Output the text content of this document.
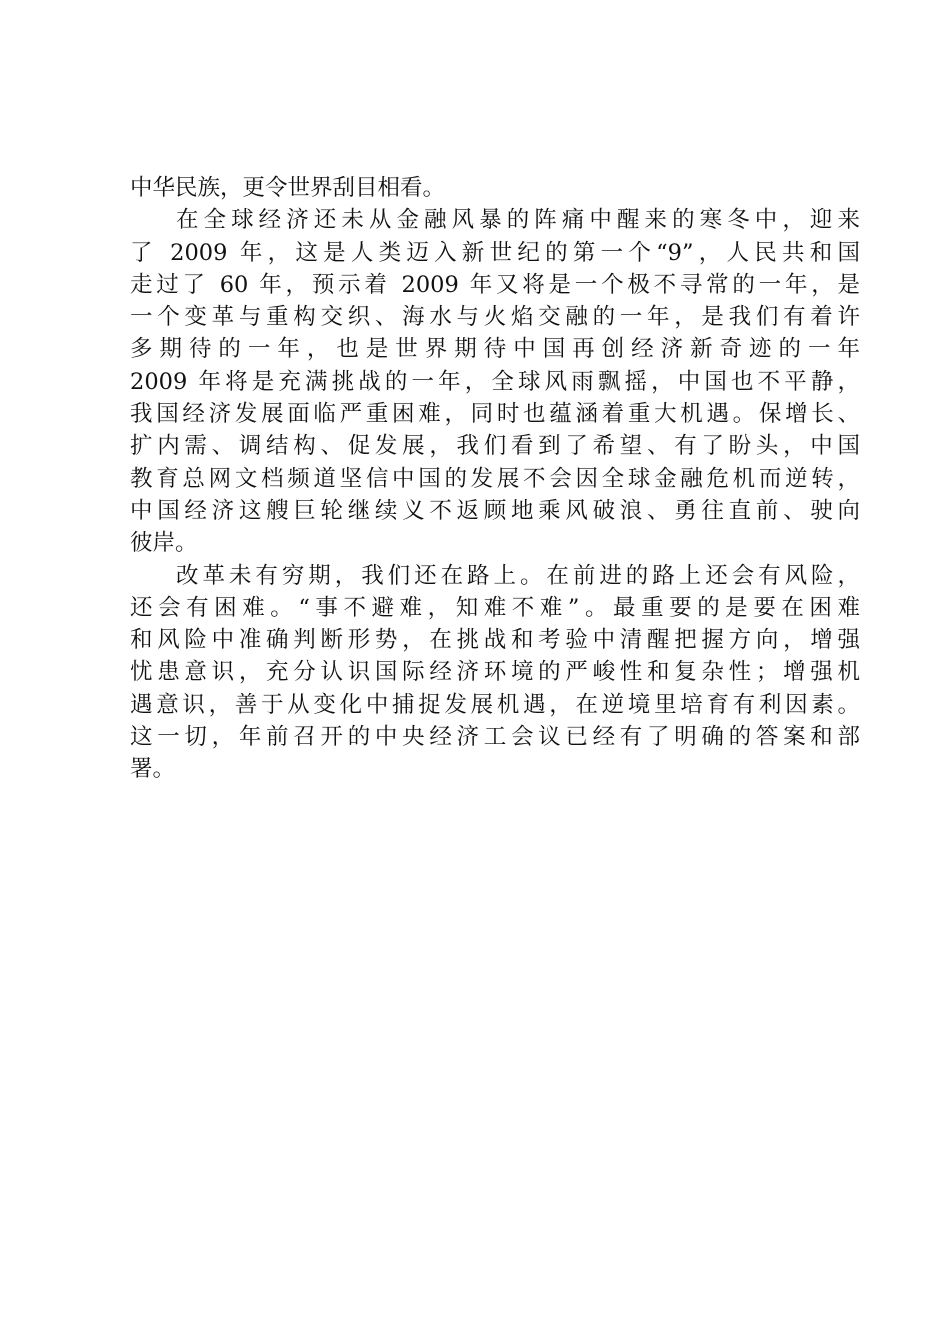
中华民族，更令世界刮目相看。
在全球经济还未从金融风暴的阵痛中醒来的寒冬中，迎来
了 2009 年，这是人类迈入新世纪的第一个“9”，人民共和国
走过了 60 年，预示着 2009 年又将是一个极不寻常的一年，是
一个变革与重构交织、海水与火焰交融的一年，是我们有着许
多期待的一年，也是世界期待中国再创经济新奇迹的一年
2009 年将是充满挑战的一年，全球风雨飘摇，中国也不平静，
我国经济发展面临严重困难，同时也蕴涵着重大机遇。保增长、
扩内需、调结构、促发展，我们看到了希望、有了盼头，中国
教育总网文档频道坚信中国的发展不会因全球金融危机而逆转，
中国经济这艘巨轮继续义不返顾地乘风破浪、勇往直前、驶向
彼岸。
改革未有穷期，我们还在路上。在前进的路上还会有风险，
还会有困难。“事不避难，知难不难”。最重要的是要在困难
和风险中准确判断形势，在挑战和考验中清醒把握方向，增强
忧患意识，充分认识国际经济环境的严峻性和复杂性；增强机
遇意识，善于从变化中捕捉发展机遇，在逆境里培育有利因素。
这一切，年前召开的中央经济工会议已经有了明确的答案和部
署。
